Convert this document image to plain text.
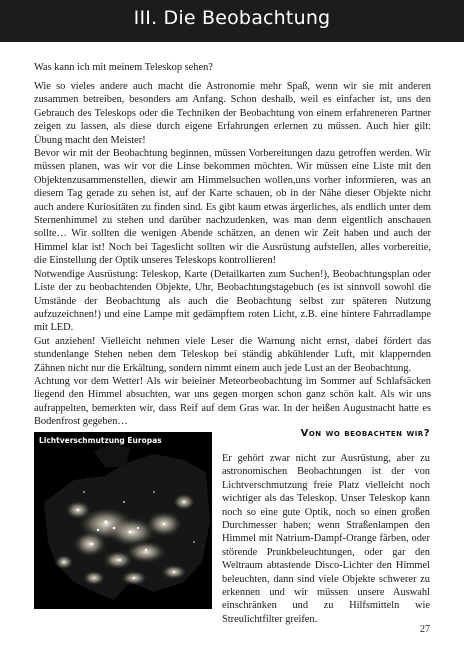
III. Die Beobachtung

Was kann ich mit meinem Teleskop sehen?

Wie so vieles andere auch macht die Astronomie mehr Spaß, wenn wir sie mit anderen zusammen betreiben, besonders am Anfang. Schon deshalb, weil es einfacher ist, uns den Gebrauch des Teleskops oder die Techniken der Beobachtung von einem erfahreneren Partner zeigen zu lassen, als diese durch eigene Erfahrungen erlernen zu müssen. Auch hier gilt: Übung macht den Meister!

Bevor wir mit der Beobachtung beginnen, müssen Vorbereitungen dazu getroffen werden. Wir müssen planen, was wir vor die Linse bekommen möchten. Wir müssen eine Liste mit den Objektenzusammenstellen, diewir am Himmelsuchen wollen,uns vorher informieren, was an diesem Tag gerade zu sehen ist, auf der Karte schauen, ob in der Nähe dieser Objekte nicht auch andere Kuriositäten zu finden sind. Es gibt kaum etwas ärgerliches, als endlich unter dem Sternenhimmel zu stehen und darüber nachzudenken, was man denn eigentlich anschauen sollte… Wir sollten die wenigen Abende schätzen, an denen wir Zeit haben und auch der Himmel klar ist! Noch bei Tageslicht sollten wir die Ausrüstung aufstellen, alles vorbereitie, die Einstellung der Optik unseres Teleskops kontrollieren!

Notwendige Ausrüstung: Teleskop, Karte (Detailkarten zum Suchen!), Beobachtungsplan oder Liste der zu beobachtenden Objekte, Uhr, Beobachtungstagebuch (es ist sinnvoll sowohl die Umstände der Beobachtung als auch die Beobachtung selbst zur späteren Nutzung aufzuzeichnen!) und eine Lampe mit gedämpftem roten Licht, z.B. eine hintere Fahrradlampe mit LED.

Gut anziehen! Vielleicht nehmen viele Leser die Warnung nicht ernst, dabei fördert das stundenlange Stehen neben dem Teleskop bei ständig abkühlender Luft, mit klappernden Zähnen nicht nur die Erkältung, sondern nimmt einem auch jede Lust an der Beobachtung.

Achtung vor dem Wetter! Als wir beieiner Meteorbeobachtung im Sommer auf Schlafsäcken liegend den Himmel absuchten, war uns gegen morgen schon ganz schön kalt. Als wir uns aufrappelten, bemerkten wir, dass Reif auf dem Gras war. In der heißen Augustnacht hatte es Bodenfrost gegeben…

Von wo beobachten wir?
Lichtverschmutzung Europas

Er gehört zwar nicht zur Ausrüstung, aber zu astronomischen Beobachtungen ist der von Lichtverschmutzung freie Platz vielleicht noch wichtiger als das Teleskop. Unser Teleskop kann noch so eine gute Optik, noch so einen großen Durchmesser haben; wenn Straßenlampen den Himmel mit Natrium-Dampf-Orange färben, oder störende Prunkbeleuchtungen, oder gar den Weltraum abtastende Disco-Lichter den Himmel beleuchten, dann sind viele Objekte schwerer zu erkennen und wir müssen unsere Auswahl einschränken und zu Hilfsmitteln wie Streulichtfilter greifen.

27
